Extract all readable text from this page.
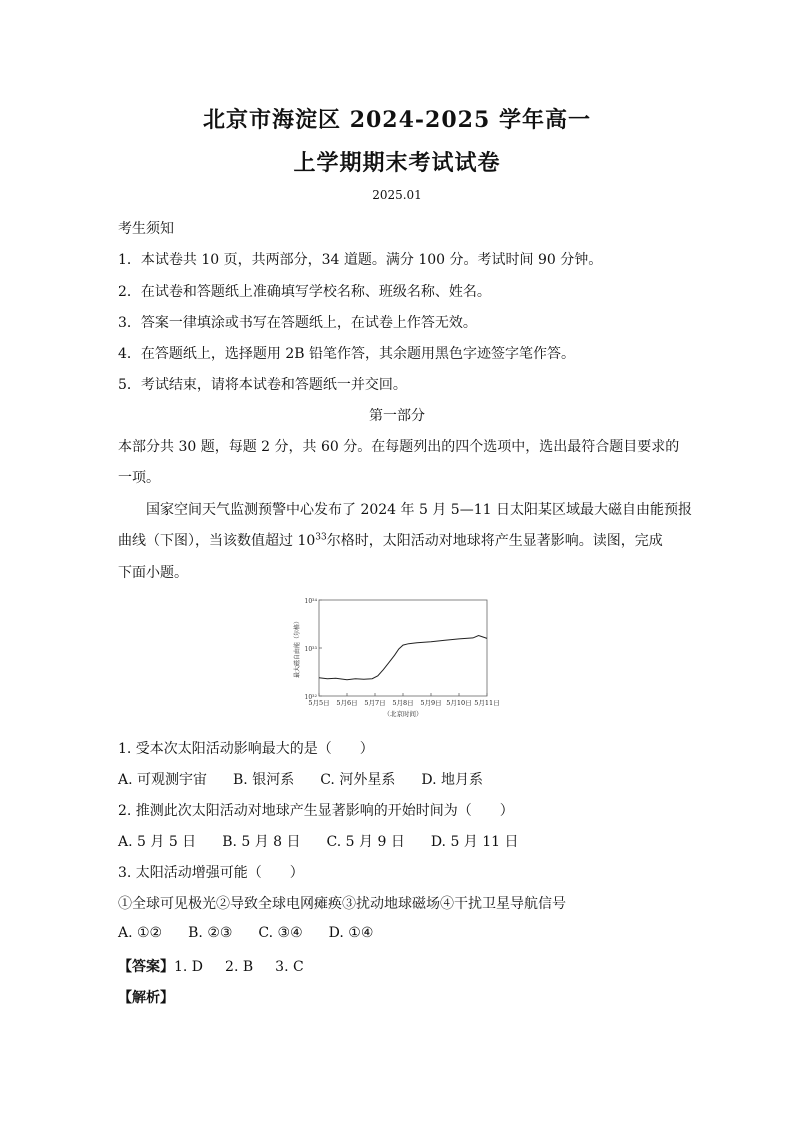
北京市海淀区 2024-2025 学年高一
上学期期末考试试卷
2025.01
考生须知
1．本试卷共 10 页，共两部分，34 道题。满分 100 分。考试时间 90 分钟。
2．在试卷和答题纸上准确填写学校名称、班级名称、姓名。
3．答案一律填涂或书写在答题纸上，在试卷上作答无效。
4．在答题纸上，选择题用 2B 铅笔作答，其余题用黑色字迹签字笔作答。
5．考试结束，请将本试卷和答题纸一并交回。
第一部分
本部分共 30 题，每题 2 分，共 60 分。在每题列出的四个选项中，选出最符合题目要求的
一项。
国家空间天气监测预警中心发布了 2024 年 5 月 5—11 日太阳某区域最大磁自由能预报
曲线（下图），当该数值超过 $10^{33}$尔格时，太阳活动对地球将产生显著影响。读图，完成
下面小题。
10³⁴
10³³
10³²
5月5日 5月6日 5月7日 5月8日 5月9日 5月10日 5月11日
（北京时间）
最大磁自由能（尔格）
1. 受本次太阳活动影响最大的是（　　）
A. 可观测宇宙 B. 银河系 C. 河外星系 D. 地月系
2. 推测此次太阳活动对地球产生显著影响的开始时间为（　　）
A. 5 月 5 日 B. 5 月 8 日 C. 5 月 9 日 D. 5 月 11 日
3. 太阳活动增强可能（　　）
①全球可见极光②导致全球电网瘫痪③扰动地球磁场④干扰卫星导航信号
A. ①② B. ②③ C. ③④ D. ①④
【答案】1. D 2. B 3. C
【解析】
